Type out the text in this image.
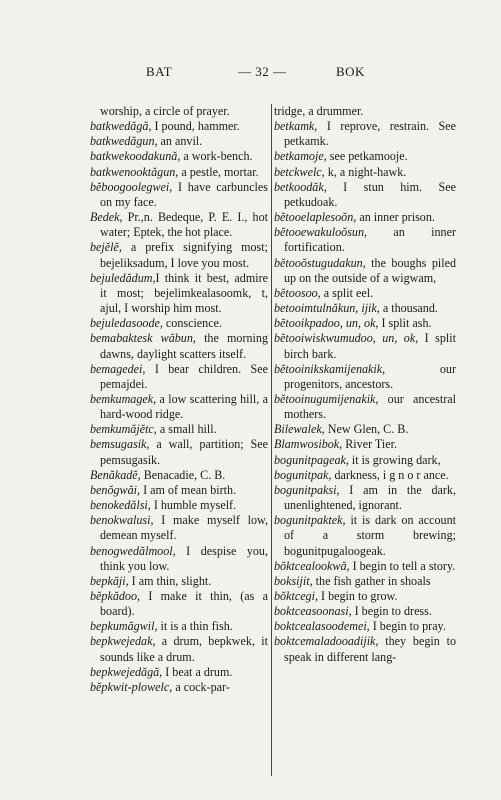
BAT	— 32 —	BOK

worship, a circle of prayer.

batkwedăgă, I pound, hammer.

batkwedăgun, an anvil.

batkwekoodakună, a work-bench.

batkwenooktăgun, a pestle, mortar.

bĕboogoolegwei, I have carbuncles on my face.

Bedek, Pr.,n. Bedeque, P. E. I., hot water; Eptek, the hot place.

bejĕlĕ, a prefix signifying most; bejeliksadum, I love you most.

bejuledădum,I think it best, admire it most; bejelimkealasoomk, t, ajul, I worship him most.

bejuledasoode, conscience.

bemabaktesk wăbun, the morning dawns, daylight scatters itself.

bemagedei, I bear children. See pemajdei.

bemkumagek, a low scattering hill, a hard-wood ridge.

bemkumăjĕtc, a small hill.

bemsugasik, a wall, partition; See pemsugasik.

Benăkadĕ, Benacadie, C. B.

benŏgwăi, I am of mean birth.

benokedălsi, I humble myself.

benokwalusi, I make myself low, demean myself.

benogwedălmool, I despise you, think you low.

bepkăji, I am thin, slight.

bĕpkădoo, I make it thin, (as a board).

bepkumăgwil, it is a thin fish.

bepkwejedak, a drum, bepkwek, it sounds like a drum.

bepkwejedăgă, I beat a drum.

bĕpkwit-plowelc, a cock-par-

tridge, a drummer.

betkamk, I reprove, restrain. See petkamk.

betkamoje, see petkamooje.

betckwelc, k, a night-hawk.

betkoodăk, I stun him. See petkudoak.

bĕtooelaplesoŏn, an inner prison.

bĕtooewakuloŏsun, an inner fortification.

bĕtooŏstugudakun, the boughs piled up on the outside of a wigwam,

bĕtoosoo, a split eel.

betooimtulnăkun, ijik, a thousand.

bĕtooikpadoo, un, ok, I split ash.

bĕtooiwiskwumudoo, un, ok, I split birch bark.

bĕtooinikskamijenakik, our progenitors, ancestors.

bĕtooinugumijenakik, our ancestral mothers.

Bilewalek, New Glen, C. B.

Blamwosibok, River Tier.

bogunitpageak, it is growing dark,

bogunitpak, darkness, i g n o r ance.

bogunitpaksi, I am in the dark, unenlightened, ignorant.

bogunitpaktek, it is dark on account of a storm brewing; bogunitpugaloogeak.

bŏktcealookwă, I begin to tell a story.

boksijit, the fish gather in shoals

bŏktcegi, I begin to grow.

boktceasoonasi, I begin to dress.

boktcealasoodemei, I begin to pray.

boktcemaladooadijik, they begin to speak in different lang-
